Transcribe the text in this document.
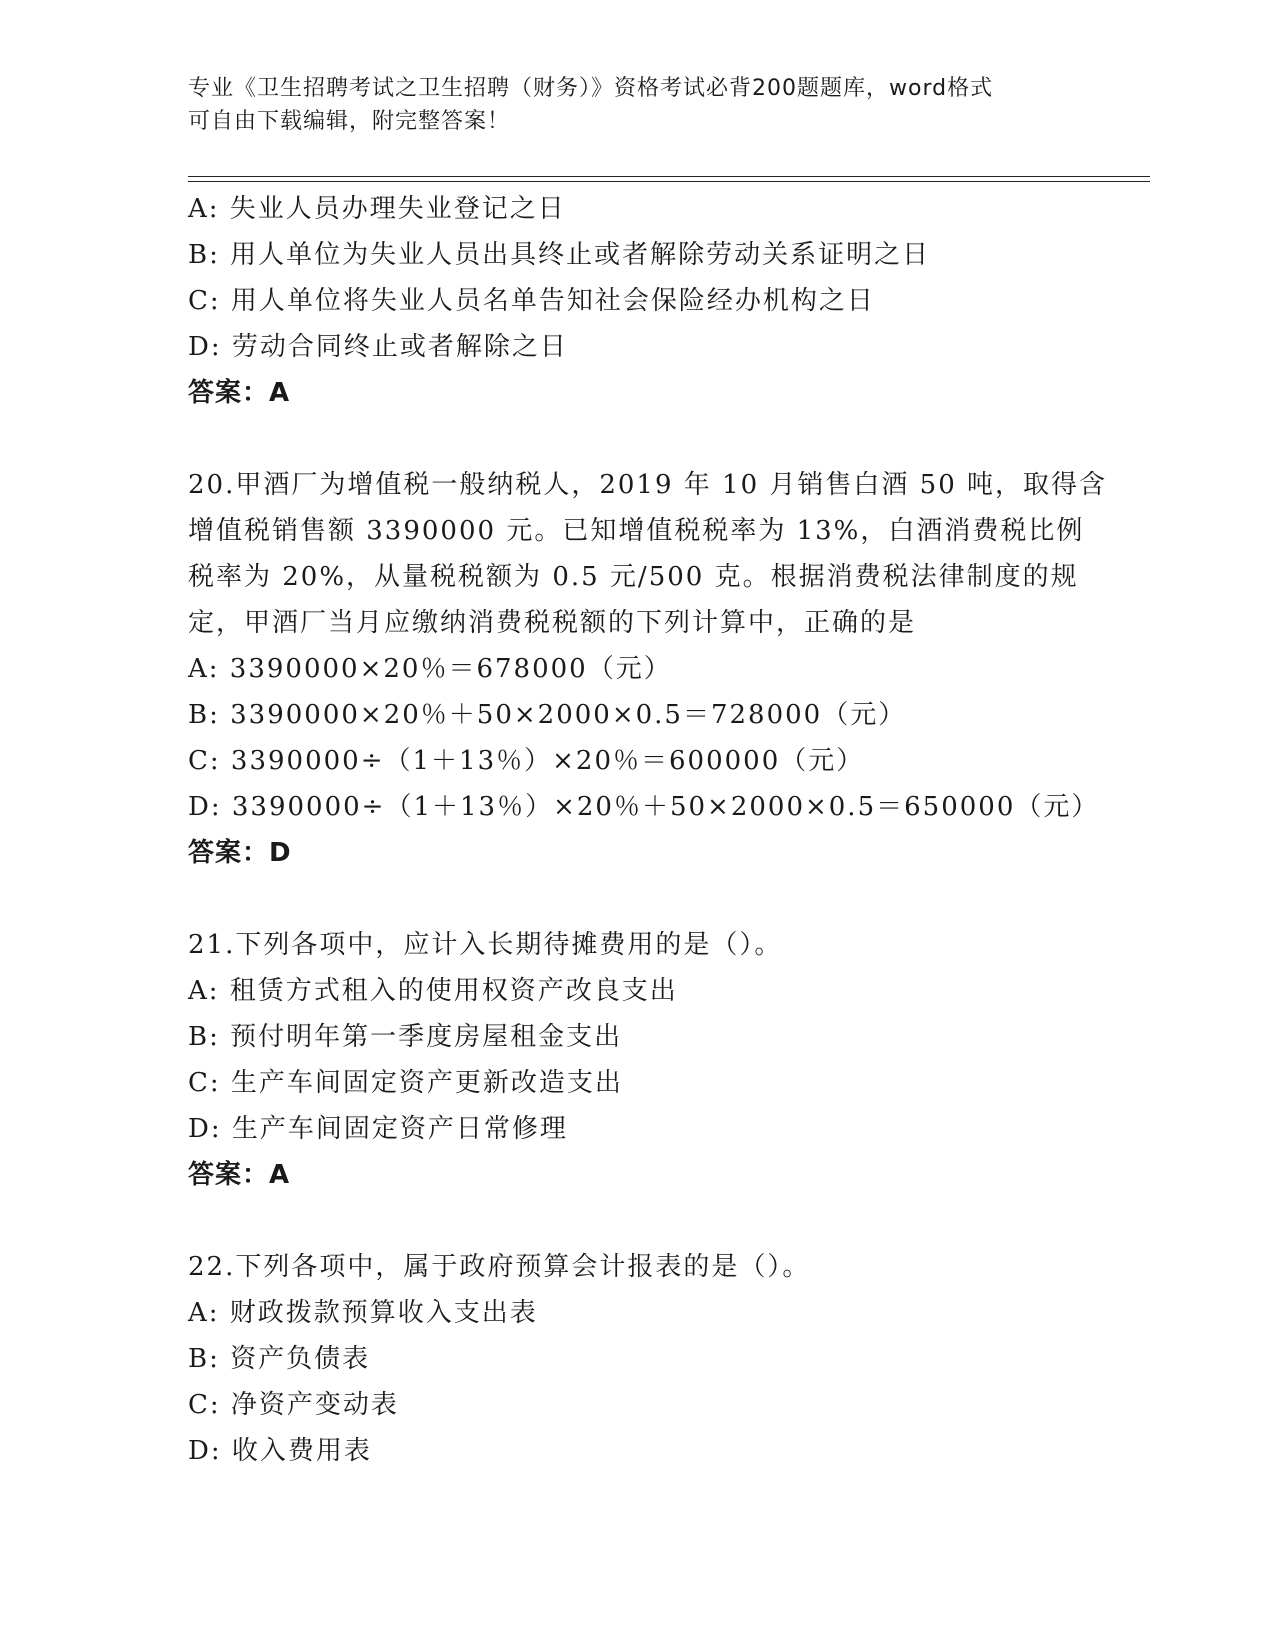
专业《卫生招聘考试之卫生招聘（财务）》资格考试必背200题题库，word格式
可自由下载编辑，附完整答案！
A: 失业人员办理失业登记之日
B: 用人单位为失业人员出具终止或者解除劳动关系证明之日
C: 用人单位将失业人员名单告知社会保险经办机构之日
D: 劳动合同终止或者解除之日
答案：A
20.甲酒厂为增值税一般纳税人，2019 年 10 月销售白酒 50 吨，取得含
增值税销售额 3390000 元。已知增值税税率为 13%，白酒消费税比例
税率为 20%，从量税税额为 0.5 元/500 克。根据消费税法律制度的规
定，甲酒厂当月应缴纳消费税税额的下列计算中，正确的是
A: 3390000×20％＝678000（元）
B: 3390000×20％＋50×2000×0.5＝728000（元）
C: 3390000÷（1＋13％）×20％＝600000（元）
D: 3390000÷（1＋13％）×20％＋50×2000×0.5＝650000（元）
答案：D
21.下列各项中，应计入长期待摊费用的是（）。
A: 租赁方式租入的使用权资产改良支出
B: 预付明年第一季度房屋租金支出
C: 生产车间固定资产更新改造支出
D: 生产车间固定资产日常修理
答案：A
22.下列各项中，属于政府预算会计报表的是（）。
A: 财政拨款预算收入支出表
B: 资产负债表
C: 净资产变动表
D: 收入费用表
